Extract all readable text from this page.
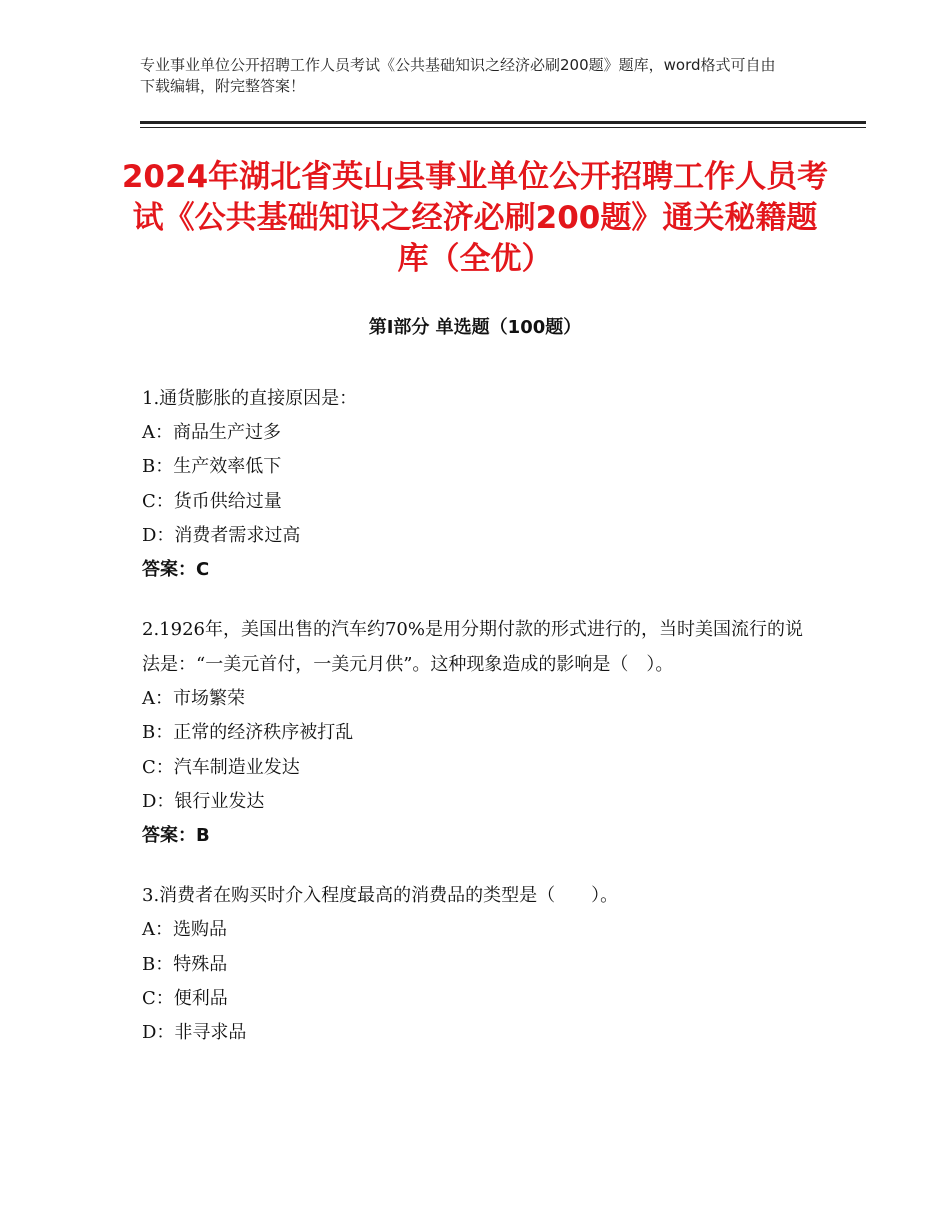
专业事业单位公开招聘工作人员考试《公共基础知识之经济必刷200题》题库，word格式可自由下载编辑，附完整答案！
2024年湖北省英山县事业单位公开招聘工作人员考试《公共基础知识之经济必刷200题》通关秘籍题库（全优）
第Ⅰ部分 单选题（100题）
1.通货膨胀的直接原因是：
A：商品生产过多
B：生产效率低下
C：货币供给过量
D：消费者需求过高
答案：C
2.1926年，美国出售的汽车约70%是用分期付款的形式进行的，当时美国流行的说法是：“一美元首付，一美元月供”。这种现象造成的影响是（　）。
A：市场繁荣
B：正常的经济秩序被打乱
C：汽车制造业发达
D：银行业发达
答案：B
3.消费者在购买时介入程度最高的消费品的类型是（　　）。
A：选购品
B：特殊品
C：便利品
D：非寻求品
